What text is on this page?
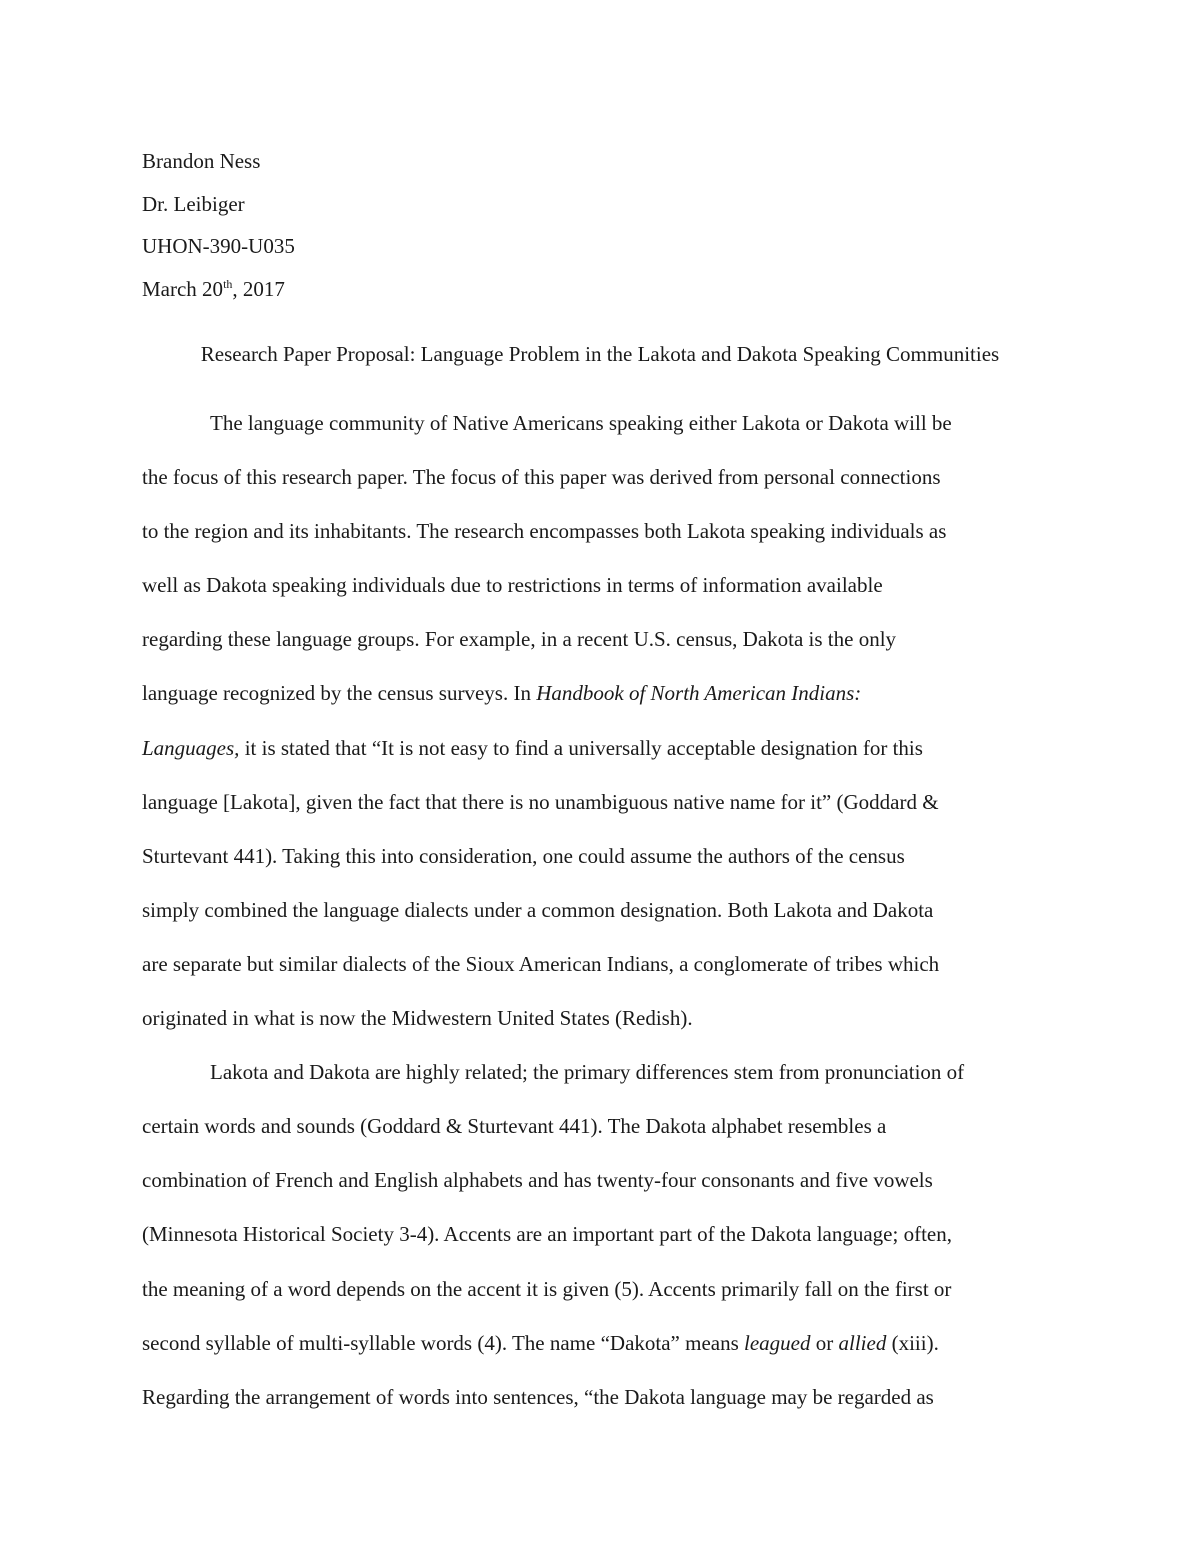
Brandon Ness
Dr. Leibiger
UHON-390-U035
March 20th, 2017
Research Paper Proposal: Language Problem in the Lakota and Dakota Speaking Communities
The language community of Native Americans speaking either Lakota or Dakota will be
the focus of this research paper. The focus of this paper was derived from personal connections
to the region and its inhabitants. The research encompasses both Lakota speaking individuals as
well as Dakota speaking individuals due to restrictions in terms of information available
regarding these language groups. For example, in a recent U.S. census, Dakota is the only
language recognized by the census surveys. In Handbook of North American Indians:
Languages, it is stated that “It is not easy to find a universally acceptable designation for this
language [Lakota], given the fact that there is no unambiguous native name for it” (Goddard &
Sturtevant 441). Taking this into consideration, one could assume the authors of the census
simply combined the language dialects under a common designation. Both Lakota and Dakota
are separate but similar dialects of the Sioux American Indians, a conglomerate of tribes which
originated in what is now the Midwestern United States (Redish).
Lakota and Dakota are highly related; the primary differences stem from pronunciation of
certain words and sounds (Goddard & Sturtevant 441). The Dakota alphabet resembles a
combination of French and English alphabets and has twenty-four consonants and five vowels
(Minnesota Historical Society 3-4). Accents are an important part of the Dakota language; often,
the meaning of a word depends on the accent it is given (5). Accents primarily fall on the first or
second syllable of multi-syllable words (4). The name “Dakota” means leagued or allied (xiii).
Regarding the arrangement of words into sentences, “the Dakota language may be regarded as
